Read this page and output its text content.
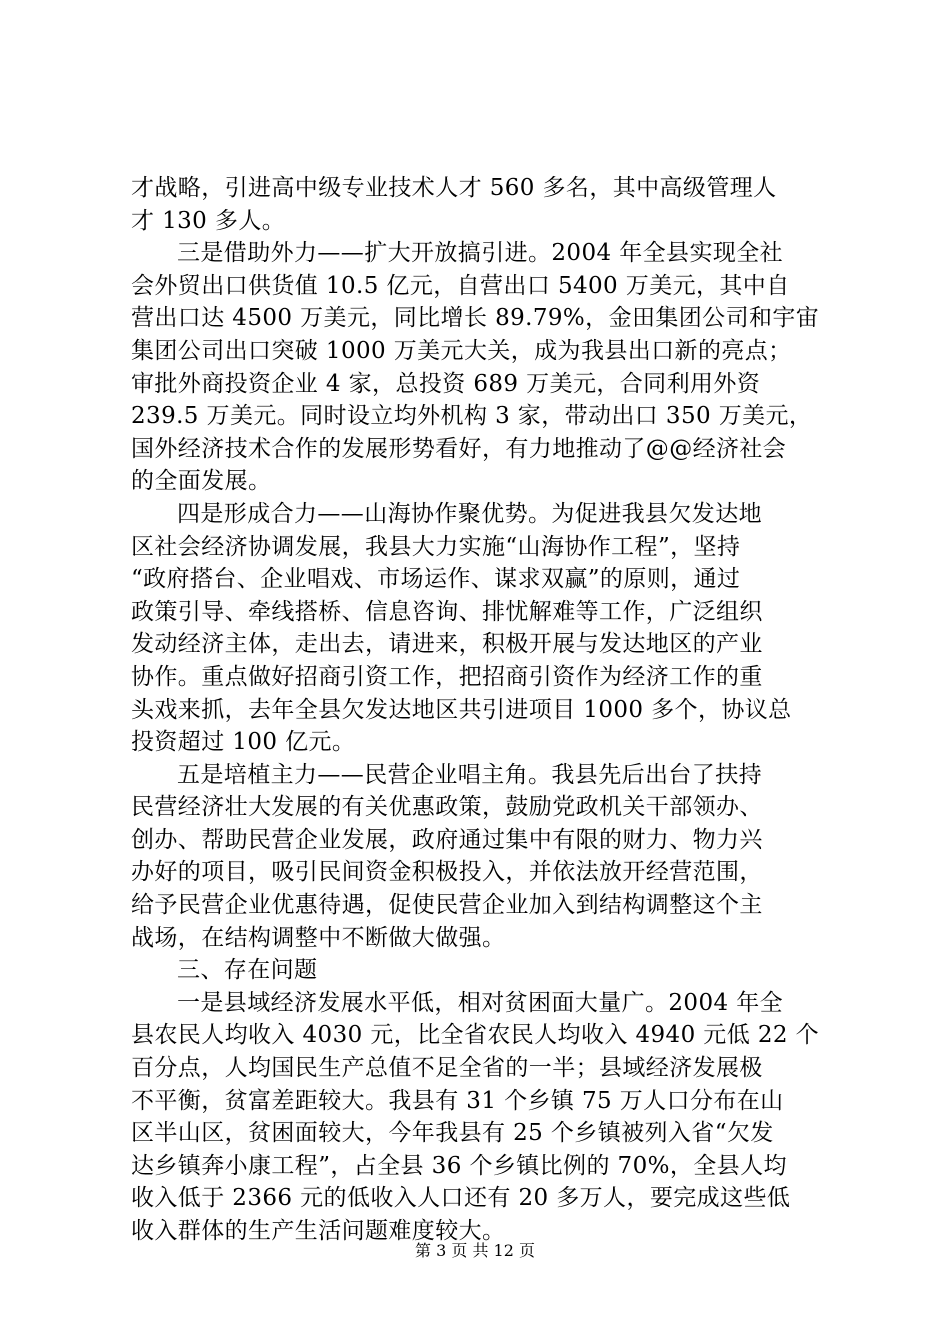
才战略，引进高中级专业技术人才 560 多名，其中高级管理人
才 130 多人。
三是借助外力——扩大开放搞引进。2004 年全县实现全社
会外贸出口供货值 10.5 亿元，自营出口 5400 万美元，其中自
营出口达 4500 万美元，同比增长 89.79%，金田集团公司和宇宙
集团公司出口突破 1000 万美元大关，成为我县出口新的亮点；
审批外商投资企业 4 家，总投资 689 万美元，合同利用外资
239.5 万美元。同时设立均外机构 3 家，带动出口 350 万美元，
国外经济技术合作的发展形势看好，有力地推动了@@经济社会
的全面发展。
四是形成合力——山海协作聚优势。为促进我县欠发达地
区社会经济协调发展，我县大力实施“山海协作工程”，坚持
“政府搭台、企业唱戏、市场运作、谋求双赢”的原则，通过
政策引导、牵线搭桥、信息咨询、排忧解难等工作，广泛组织
发动经济主体，走出去，请进来，积极开展与发达地区的产业
协作。重点做好招商引资工作，把招商引资作为经济工作的重
头戏来抓，去年全县欠发达地区共引进项目 1000 多个，协议总
投资超过 100 亿元。
五是培植主力——民营企业唱主角。我县先后出台了扶持
民营经济壮大发展的有关优惠政策，鼓励党政机关干部领办、
创办、帮助民营企业发展，政府通过集中有限的财力、物力兴
办好的项目，吸引民间资金积极投入，并依法放开经营范围，
给予民营企业优惠待遇，促使民营企业加入到结构调整这个主
战场，在结构调整中不断做大做强。
三、存在问题
一是县域经济发展水平低，相对贫困面大量广。2004 年全
县农民人均收入 4030 元，比全省农民人均收入 4940 元低 22 个
百分点，人均国民生产总值不足全省的一半；县域经济发展极
不平衡，贫富差距较大。我县有 31 个乡镇 75 万人口分布在山
区半山区，贫困面较大，今年我县有 25 个乡镇被列入省“欠发
达乡镇奔小康工程”，占全县 36 个乡镇比例的 70%，全县人均
收入低于 2366 元的低收入人口还有 20 多万人，要完成这些低
收入群体的生产生活问题难度较大。
第 3 页 共 12 页
